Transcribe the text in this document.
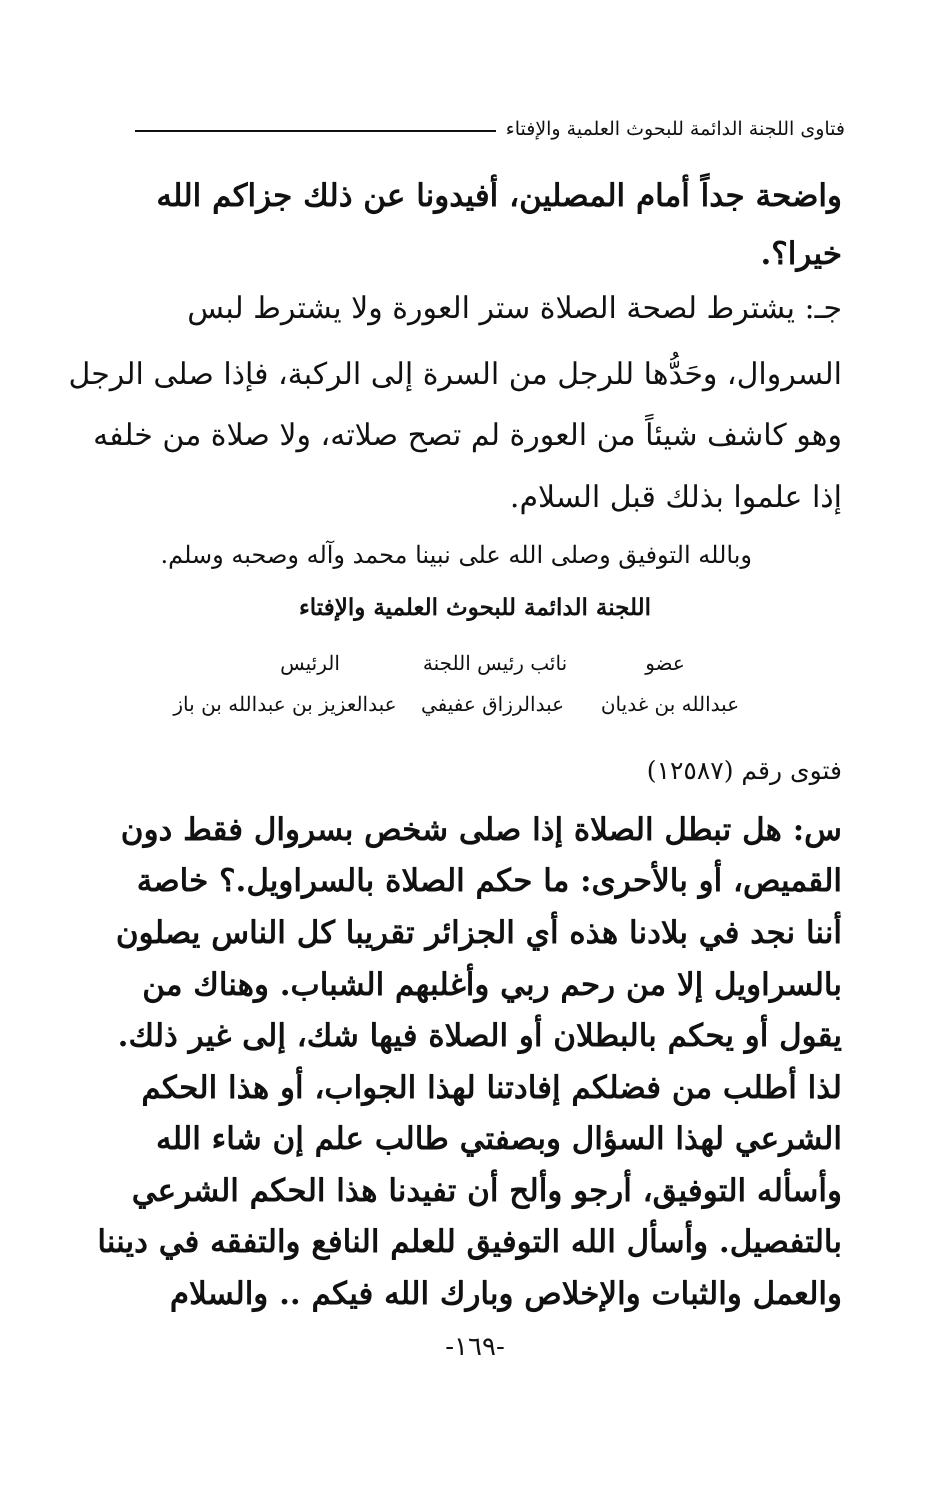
فتاوى اللجنة الدائمة للبحوث العلمية والإفتاء
واضحة جداً أمام المصلين، أفيدونا عن ذلك جزاكم الله
خيرا؟.
جـ: يشترط لصحة الصلاة ستر العورة ولا يشترط لبس
السروال، وحَدُّها للرجل من السرة إلى الركبة، فإذا صلى الرجل
وهو كاشف شيئاً من العورة لم تصح صلاته، ولا صلاة من خلفه
إذا علموا بذلك قبل السلام.
وبالله التوفيق وصلى الله على نبينا محمد وآله وصحبه وسلم.
اللجنة الدائمة للبحوث العلمية والإفتاء
عضو
نائب رئيس اللجنة
الرئيس
عبدالله بن غديان
عبدالرزاق عفيفي
عبدالعزيز بن عبدالله بن باز
فتوى رقم (١٢٥٨٧)
س: هل تبطل الصلاة إذا صلى شخص بسروال فقط دون
القميص، أو بالأحرى: ما حكم الصلاة بالسراويل.؟ خاصة
أننا نجد في بلادنا هذه أي الجزائر تقريبا كل الناس يصلون
بالسراويل إلا من رحم ربي وأغلبهم الشباب. وهناك من
يقول أو يحكم بالبطلان أو الصلاة فيها شك، إلى غير ذلك.
لذا أطلب من فضلكم إفادتنا لهذا الجواب، أو هذا الحكم
الشرعي لهذا السؤال وبصفتي طالب علم إن شاء الله
وأسأله التوفيق، أرجو وألح أن تفيدنا هذا الحكم الشرعي
بالتفصيل. وأسأل الله التوفيق للعلم النافع والتفقه في ديننا
والعمل والثبات والإخلاص وبارك الله فيكم .. والسلام
-١٦٩-
